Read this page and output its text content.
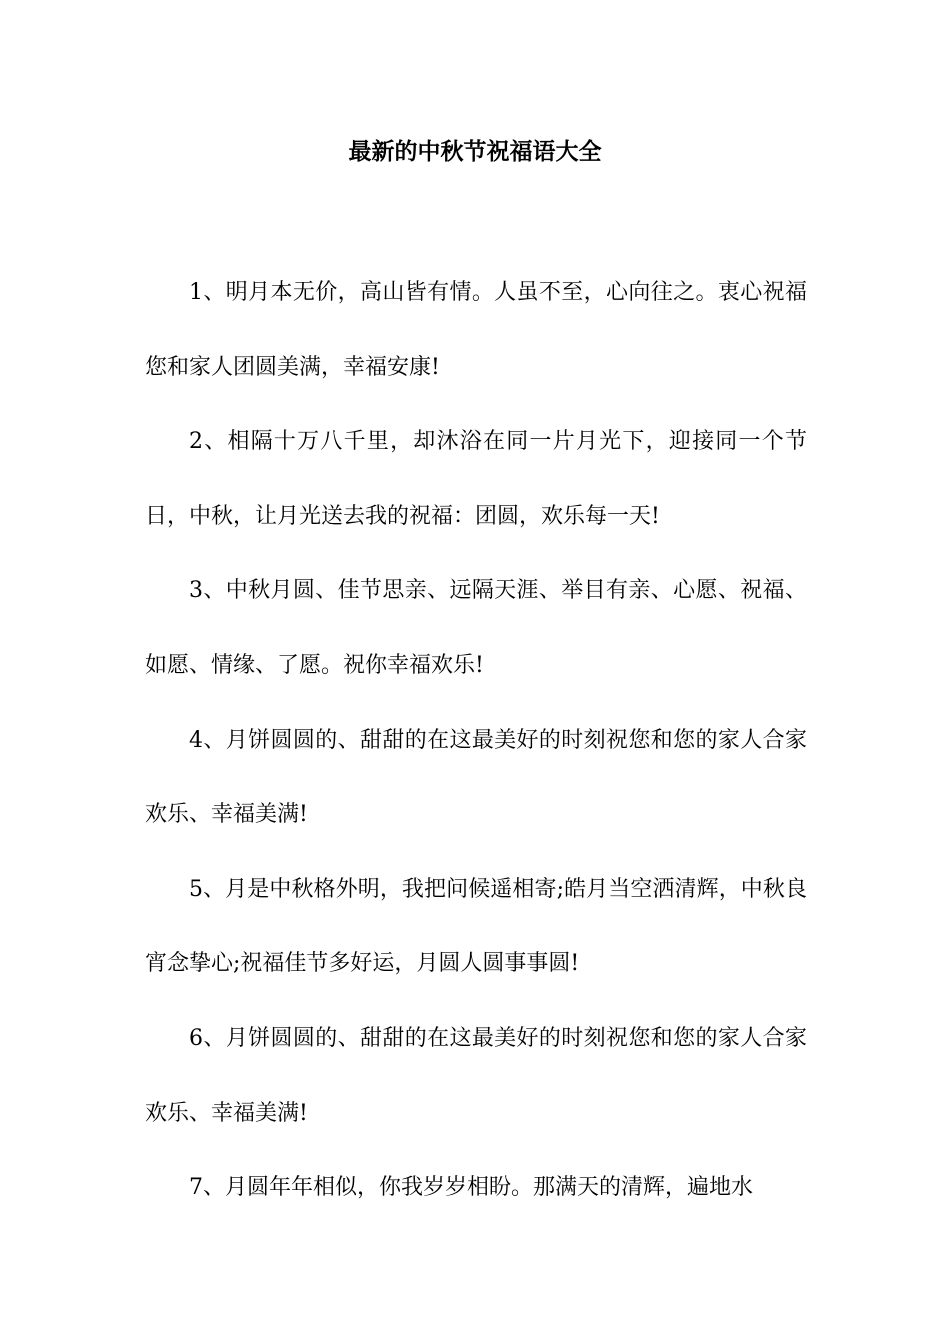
最新的中秋节祝福语大全

1、明月本无价，高山皆有情。人虽不至，心向往之。衷心祝福您和家人团圆美满，幸福安康!

2、相隔十万八千里，却沐浴在同一片月光下，迎接同一个节日，中秋，让月光送去我的祝福：团圆，欢乐每一天!

3、中秋月圆、佳节思亲、远隔天涯、举目有亲、心愿、祝福、如愿、情缘、了愿。祝你幸福欢乐!

4、月饼圆圆的、甜甜的在这最美好的时刻祝您和您的家人合家欢乐、幸福美满!

5、月是中秋格外明，我把问候遥相寄;皓月当空洒清辉，中秋良宵念挚心;祝福佳节多好运，月圆人圆事事圆!

6、月饼圆圆的、甜甜的在这最美好的时刻祝您和您的家人合家欢乐、幸福美满!

7、月圆年年相似，你我岁岁相盼。那满天的清辉，遍地水
